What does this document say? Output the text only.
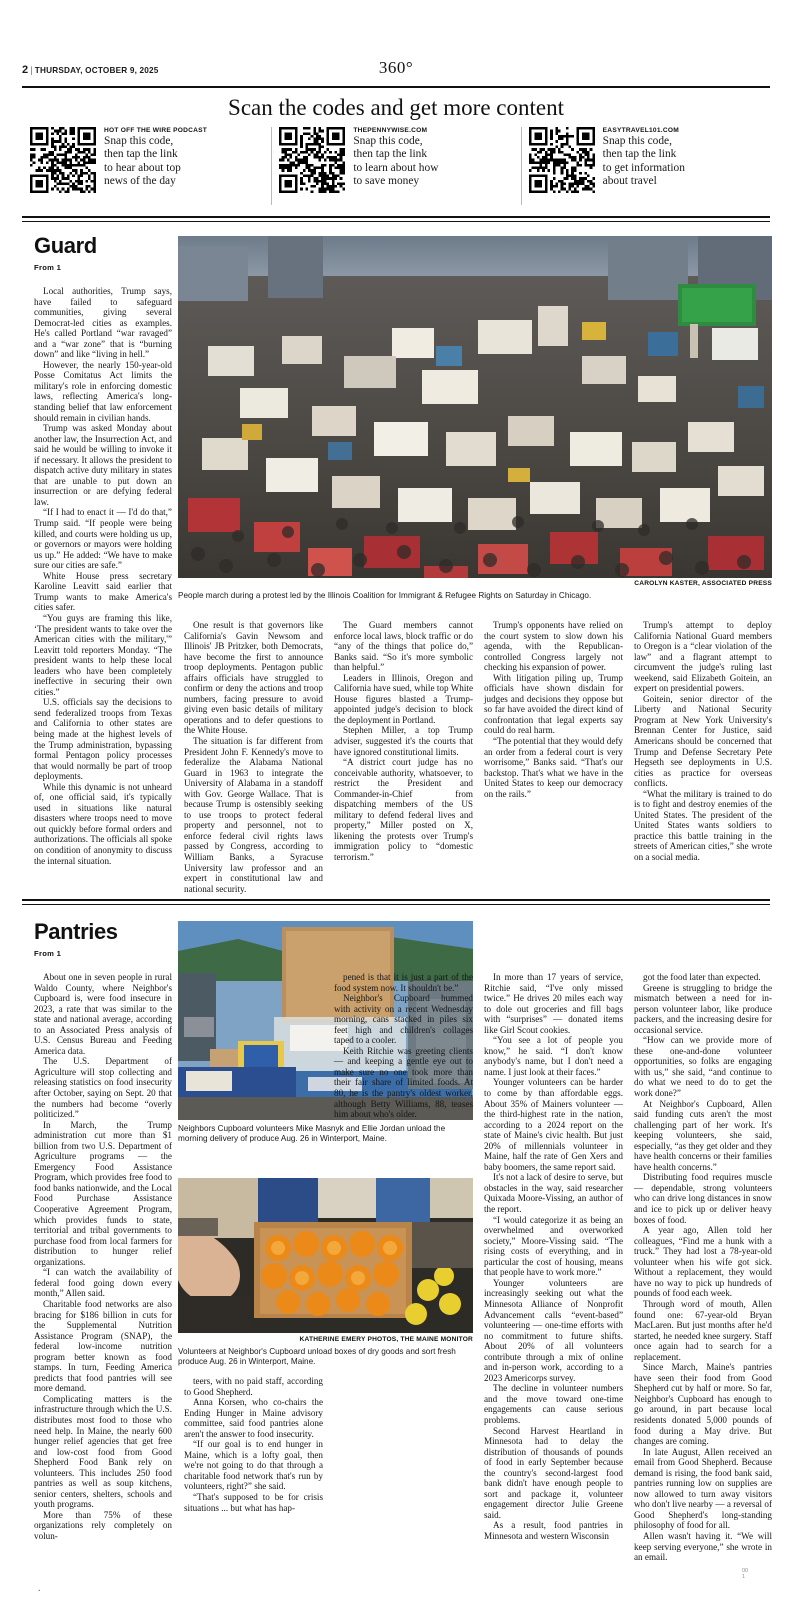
2 | THURSDAY, OCTOBER 9, 2025	360°
Scan the codes and get more content
HOT OFF THE WIRE PODCAST
Snap this code,
then tap the link
to hear about top
news of the day
THEPENNYWISE.COM
Snap this code,
then tap the link
to learn about how
to save money
EASYTRAVEL101.COM
Snap this code,
then tap the link
to get information
about travel
Guard
From 1
CAROLYN KASTER, ASSOCIATED PRESS
People march during a protest led by the Illinois Coalition for Immigrant & Refugee Rights on Saturday in Chicago.

Local authorities, Trump says, have failed to safeguard communities, giving several Democrat-led cities as examples. He's called Portland “war ravaged” and a “war zone” that is “burning down” and like “living in hell.”

However, the nearly 150-year-old Posse Comitatus Act limits the military's role in enforcing domestic laws, reflecting America's long-standing belief that law enforcement should remain in civilian hands.

Trump was asked Monday about another law, the Insurrection Act, and said he would be willing to invoke it if necessary. It allows the president to dispatch active duty military in states that are unable to put down an insurrection or are defying federal law.

“If I had to enact it — I'd do that,” Trump said. “If people were being killed, and courts were holding us up, or governors or mayors were holding us up.” He added: “We have to make sure our cities are safe.”

White House press secretary Karoline Leavitt said earlier that Trump wants to make America's cities safer.

“You guys are framing this like, ‘The president wants to take over the American cities with the military,'” Leavitt told reporters Monday. “The president wants to help these local leaders who have been completely ineffective in securing their own cities.”

U.S. officials say the decisions to send federalized troops from Texas and California to other states are being made at the highest levels of the Trump administration, bypassing formal Pentagon policy processes that would normally be part of troop deployments.

While this dynamic is not unheard of, one official said, it's typically used in situations like natural disasters where troops need to move out quickly before formal orders and authorizations. The officials all spoke on condition of anonymity to discuss the internal situation.

One result is that governors like California's Gavin Newsom and Illinois' JB Pritzker, both Democrats, have become the first to announce troop deployments. Pentagon public affairs officials have struggled to confirm or deny the actions and troop numbers, facing pressure to avoid giving even basic details of military operations and to defer questions to the White House.

The situation is far different from President John F. Kennedy's move to federalize the Alabama National Guard in 1963 to integrate the University of Alabama in a standoff with Gov. George Wallace. That is because Trump is ostensibly seeking to use troops to protect federal property and personnel, not to enforce federal civil rights laws passed by Congress, according to William Banks, a Syracuse University law professor and an expert in constitutional law and national security.

The Guard members cannot enforce local laws, block traffic or do “any of the things that police do,” Banks said. “So it's more symbolic than helpful.”

Leaders in Illinois, Oregon and California have sued, while top White House figures blasted a Trump-appointed judge's decision to block the deployment in Portland.

Stephen Miller, a top Trump adviser, suggested it's the courts that have ignored constitutional limits.

“A district court judge has no conceivable authority, whatsoever, to restrict the President and Commander-in-Chief from dispatching members of the US military to defend federal lives and property,” Miller posted on X, likening the protests over Trump's immigration policy to “domestic terrorism.”

Trump's opponents have relied on the court system to slow down his agenda, with the Republican-controlled Congress largely not checking his expansion of power.

With litigation piling up, Trump officials have shown disdain for judges and decisions they oppose but so far have avoided the direct kind of confrontation that legal experts say could do real harm.

“The potential that they would defy an order from a federal court is very worrisome,” Banks said. “That's our backstop. That's what we have in the United States to keep our democracy on the rails.”

Trump's attempt to deploy California National Guard members to Oregon is a “clear violation of the law” and a flagrant attempt to circumvent the judge's ruling last weekend, said Elizabeth Goitein, an expert on presidential powers.

Goitein, senior director of the Liberty and National Security Program at New York University's Brennan Center for Justice, said Americans should be concerned that Trump and Defense Secretary Pete Hegseth see deployments in U.S. cities as practice for overseas conflicts.

“What the military is trained to do is to fight and destroy enemies of the United States. The president of the United States wants soldiers to practice this battle training in the streets of American cities,” she wrote on a social media.

Pantries
From 1
Neighbors Cupboard volunteers Mike Masnyk and Ellie Jordan unload the morning delivery of produce Aug. 26 in Winterport, Maine.
KATHERINE EMERY PHOTOS, THE MAINE MONITOR
Volunteers at Neighbor's Cupboard unload boxes of dry goods and sort fresh produce Aug. 26 in Winterport, Maine.

About one in seven people in rural Waldo County, where Neighbor's Cupboard is, were food insecure in 2023, a rate that was similar to the state and national average, according to an Associated Press analysis of U.S. Census Bureau and Feeding America data.

The U.S. Department of Agriculture will stop collecting and releasing statistics on food insecurity after October, saying on Sept. 20 that the numbers had become “overly politicized.”

In March, the Trump administration cut more than $1 billion from two U.S. Department of Agriculture programs — the Emergency Food Assistance Program, which provides free food to food banks nationwide, and the Local Food Purchase Assistance Cooperative Agreement Program, which provides funds to state, territorial and tribal governments to purchase food from local farmers for distribution to hunger relief organizations.

“I can watch the availability of federal food going down every month,” Allen said.

Charitable food networks are also bracing for $186 billion in cuts for the Supplemental Nutrition Assistance Program (SNAP), the federal low-income nutrition program better known as food stamps. In turn, Feeding America predicts that food pantries will see more demand.

Complicating matters is the infrastructure through which the U.S. distributes most food to those who need help. In Maine, the nearly 600 hunger relief agencies that get free and low-cost food from Good Shepherd Food Bank rely on volunteers. This includes 250 food pantries as well as soup kitchens, senior centers, shelters, schools and youth programs.

More than 75% of these organizations rely completely on volun-

teers, with no paid staff, according to Good Shepherd.

Anna Korsen, who co-chairs the Ending Hunger in Maine advisory committee, said food pantries alone aren't the answer to food insecurity.

“If our goal is to end hunger in Maine, which is a lofty goal, then we're not going to do that through a charitable food network that's run by volunteers, right?” she said.

“That's supposed to be for crisis situations ... but what has hap-

pened is that it is just a part of the food system now. It shouldn't be.”

Neighbor's Cupboard hummed with activity on a recent Wednesday morning, cans stacked in piles six feet high and children's collages taped to a cooler.

Keith Ritchie was greeting clients — and keeping a gentle eye out to make sure no one took more than their fair share of limited foods. At 80, he is the pantry's oldest worker, although Betty Williams, 88, teases him about who's older.

got the food later than expected.

Greene is struggling to bridge the mismatch between a need for in-person volunteer labor, like produce packers, and the increasing desire for occasional service.

“How can we provide more of these one-and-done volunteer opportunities, so folks are engaging with us,” she said, “and continue to do what we need to do to get the work done?”

At Neighbor's Cupboard, Allen said funding cuts aren't the most challenging part of her work. It's keeping volunteers, she said, especially, “as they get older and they have health concerns or their families have health concerns.”

Distributing food requires muscle — dependable, strong volunteers who can drive long distances in snow and ice to pick up or deliver heavy boxes of food.

A year ago, Allen told her colleagues, “Find me a hunk with a truck.” They had lost a 78-year-old volunteer when his wife got sick. Without a replacement, they would have no way to pick up hundreds of pounds of food each week.

Through word of mouth, Allen found one: 67-year-old Bryan MacLaren. But just months after he'd started, he needed knee surgery. Staff once again had to search for a replacement.

Since March, Maine's pantries have seen their food from Good Shepherd cut by half or more. So far, Neighbor's Cupboard has enough to go around, in part because local residents donated 5,000 pounds of food during a May drive. But changes are coming.

In late August, Allen received an email from Good Shepherd. Because demand is rising, the food bank said, pantries running low on supplies are now allowed to turn away visitors who don't live nearby — a reversal of Good Shepherd's long-standing philosophy of food for all.

Allen wasn't having it. “We will keep serving everyone,” she wrote in an email.

In more than 17 years of service, Ritchie said, “I've only missed twice.” He drives 20 miles each way to dole out groceries and fill bags with “surprises” — donated items like Girl Scout cookies.

“You see a lot of people you know,” he said. “I don't know anybody's name, but I don't need a name. I just look at their faces.”

Younger volunteers can be harder to come by than affordable eggs. About 35% of Mainers volunteer — the third-highest rate in the nation, according to a 2024 report on the state of Maine's civic health. But just 20% of millennials volunteer in Maine, half the rate of Gen Xers and baby boomers, the same report said.

It's not a lack of desire to serve, but obstacles in the way, said researcher Quixada Moore-Vissing, an author of the report.

“I would categorize it as being an overwhelmed and overworked society,” Moore-Vissing said. “The rising costs of everything, and in particular the cost of housing, means that people have to work more.”

Younger volunteers are increasingly seeking out what the Minnesota Alliance of Nonprofit Advancement calls “event-based” volunteering — one-time efforts with no commitment to future shifts. About 20% of all volunteers contribute through a mix of online and in-person work, according to a 2023 Americorps survey.

The decline in volunteer numbers and the move toward one-time engagements can cause serious problems.

Second Harvest Heartland in Minnesota had to delay the distribution of thousands of pounds of food in early September because the country's second-largest food bank didn't have enough people to sort and package it, volunteer engagement director Julie Greene said.

As a result, food pantries in Minnesota and western Wisconsin

00
1
.
